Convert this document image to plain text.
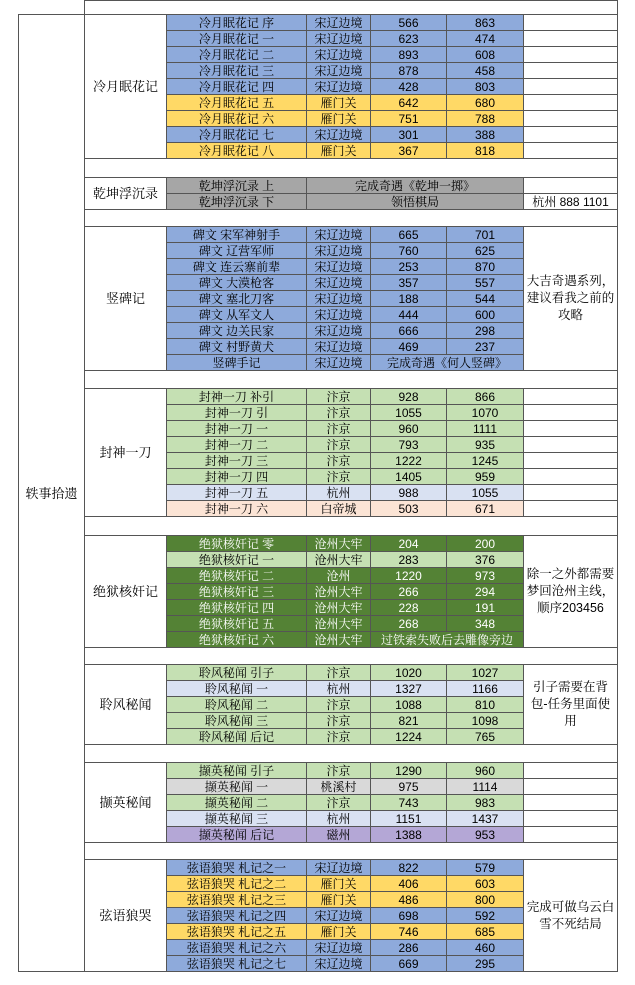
轶事拾遗
冷月眠花记
冷月眠花记 序	宋辽边境	566	863
冷月眠花记 一	宋辽边境	623	474
冷月眠花记 二	宋辽边境	893	608
冷月眠花记 三	宋辽边境	878	458
冷月眠花记 四	宋辽边境	428	803
冷月眠花记 五	雁门关	642	680
冷月眠花记 六	雁门关	751	788
冷月眠花记 七	宋辽边境	301	388
冷月眠花记 八	雁门关	367	818
乾坤浮沉录
乾坤浮沉录 上	完成奇遇《乾坤一掷》
乾坤浮沉录 下	领悟棋局	杭州 888 1101
竖碑记
大吉奇遇系列，建议看我之前的攻略
碑文 宋军神射手	宋辽边境	665	701
碑文 辽营军师	宋辽边境	760	625
碑文 连云寨前辈	宋辽边境	253	870
碑文 大漠枪客	宋辽边境	357	557
碑文 塞北刀客	宋辽边境	188	544
碑文 从军文人	宋辽边境	444	600
碑文 边关民家	宋辽边境	666	298
碑文 村野黄犬	宋辽边境	469	237
竖碑手记	宋辽边境	完成奇遇《何人竖碑》
封神一刀
封神一刀 补引	汴京	928	866
封神一刀 引	汴京	1055	1070
封神一刀 一	汴京	960	1111
封神一刀 二	汴京	793	935
封神一刀 三	汴京	1222	1245
封神一刀 四	汴京	1405	959
封神一刀 五	杭州	988	1055
封神一刀 六	白帝城	503	671
绝狱核奸记
除一之外都需要梦回沧州主线，顺序203456
绝狱核奸记 零	沧州大牢	204	200
绝狱核奸记 一	沧州大牢	283	376
绝狱核奸记 二	沧州	1220	973
绝狱核奸记 三	沧州大牢	266	294
绝狱核奸记 四	沧州大牢	228	191
绝狱核奸记 五	沧州大牢	268	348
绝狱核奸记 六	沧州大牢	过铁索失败后去雕像旁边
聆风秘闻
引子需要在背包-任务里面使用
聆风秘闻 引子	汴京	1020	1027
聆风秘闻 一	杭州	1327	1166
聆风秘闻 二	汴京	1088	810
聆风秘闻 三	汴京	821	1098
聆风秘闻 后记	汴京	1224	765
撷英秘闻
撷英秘闻 引子	汴京	1290	960
撷英秘闻 一	桃溪村	975	1114
撷英秘闻 二	汴京	743	983
撷英秘闻 三	杭州	1151	1437
撷英秘闻 后记	磁州	1388	953
弦语狼哭
完成可做乌云白雪不死结局
弦语狼哭 札记之一	宋辽边境	822	579
弦语狼哭 札记之二	雁门关	406	603
弦语狼哭 札记之三	雁门关	486	800
弦语狼哭 札记之四	宋辽边境	698	592
弦语狼哭 札记之五	雁门关	746	685
弦语狼哭 札记之六	宋辽边境	286	460
弦语狼哭 札记之七	宋辽边境	669	295
